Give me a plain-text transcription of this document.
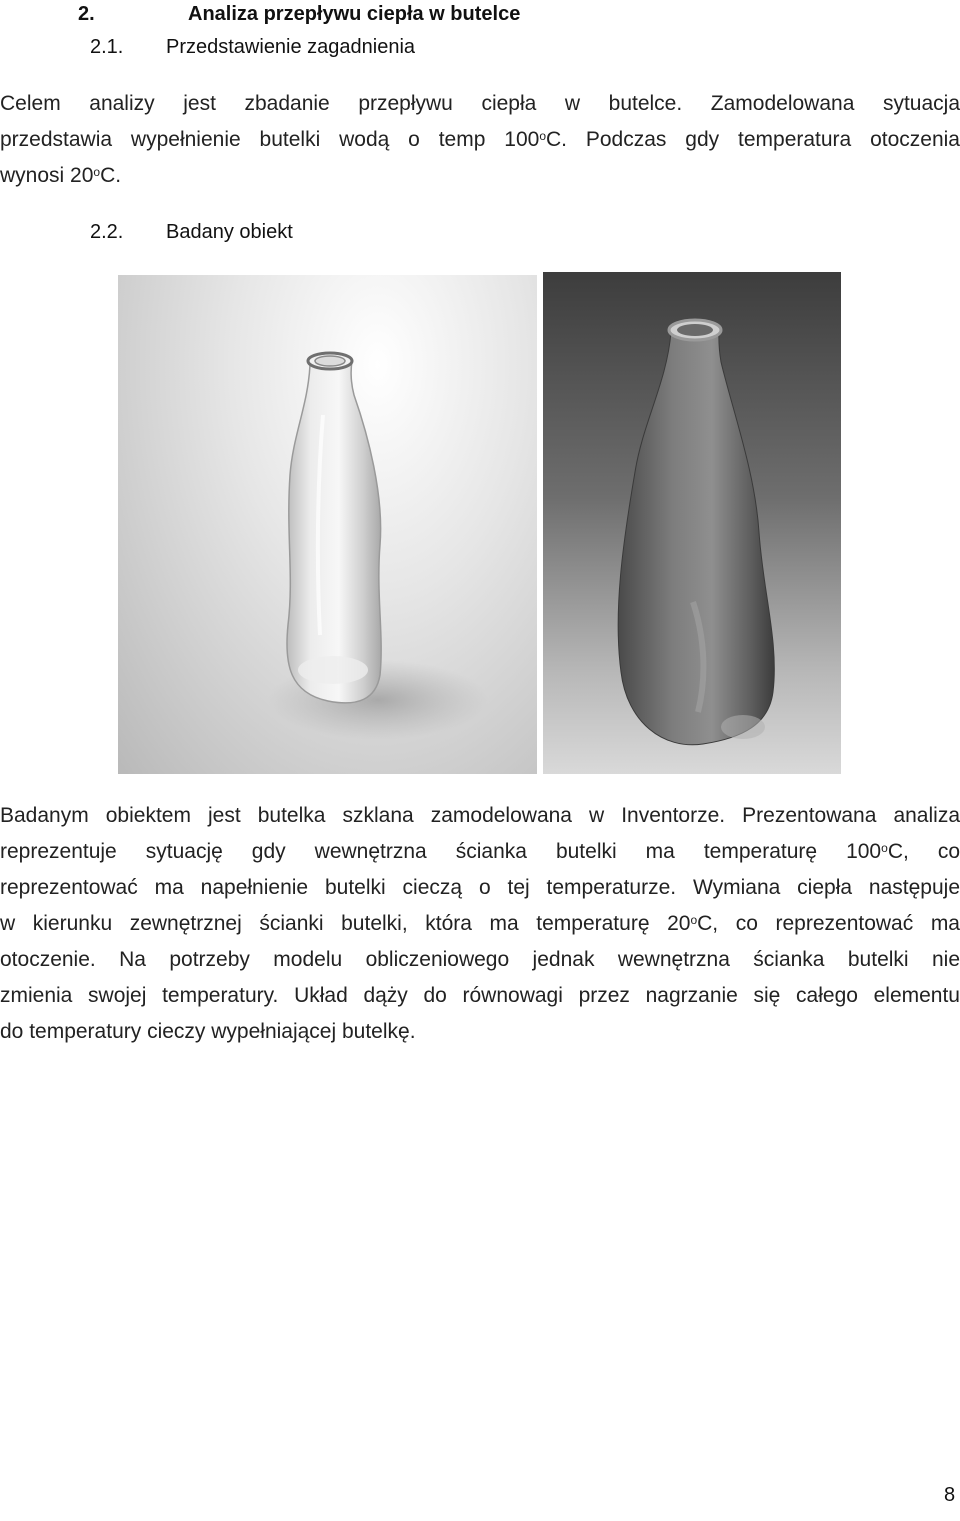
2.	Analiza przepływu ciepła w butelce
2.1. Przedstawienie zagadnienia
Celem analizy jest zbadanie przepływu ciepła w butelce. Zamodelowana sytuacja
przedstawia wypełnienie butelki wodą o temp 100$^o$C. Podczas gdy temperatura otoczenia
wynosi 20$^o$C.
2.2. Badany obiekt
Badanym obiektem jest butelka szklana zamodelowana w Inventorze. Prezentowana analiza
reprezentuje sytuację gdy wewnętrzna ścianka butelki ma temperaturę 100$^o$C, co
reprezentować ma napełnienie butelki cieczą o tej temperaturze. Wymiana ciepła następuje
w kierunku zewnętrznej ścianki butelki, która ma temperaturę 20$^o$C, co reprezentować ma
otoczenie. Na potrzeby modelu obliczeniowego jednak wewnętrzna ścianka butelki nie
zmienia swojej temperatury. Układ dąży do równowagi przez nagrzanie się całego elementu
do temperatury cieczy wypełniającej butelkę.
8
